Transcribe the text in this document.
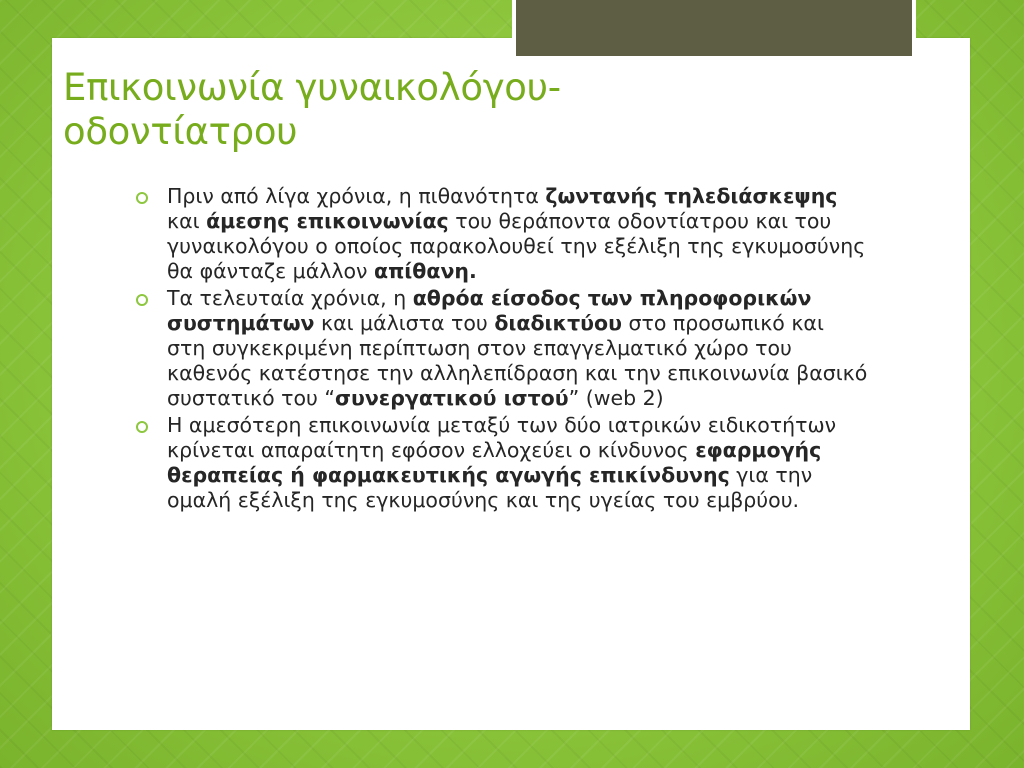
Επικοινωνία γυναικολόγου-οδοντίατρου
Πριν από λίγα χρόνια, η πιθανότητα ζωντανής τηλεδιάσκεψης και άμεσης επικοινωνίας του θεράποντα οδοντίατρου και του γυναικολόγου ο οποίος παρακολουθεί την εξέλιξη της εγκυμοσύνης θα φάνταζε μάλλον απίθανη.
Τα τελευταία χρόνια, η αθρόα είσοδος των πληροφορικών συστημάτων και μάλιστα του διαδικτύου στο προσωπικό και στη συγκεκριμένη περίπτωση στον επαγγελματικό χώρο του καθενός κατέστησε την αλληλεπίδραση και την επικοινωνία βασικό συστατικό του “συνεργατικού ιστού” (web 2)
Η αμεσότερη επικοινωνία μεταξύ των δύο ιατρικών ειδικοτήτων κρίνεται απαραίτητη εφόσον ελλοχεύει ο κίνδυνος εφαρμογής θεραπείας ή φαρμακευτικής αγωγής επικίνδυνης για την ομαλή εξέλιξη της εγκυμοσύνης και της υγείας του εμβρύου.
